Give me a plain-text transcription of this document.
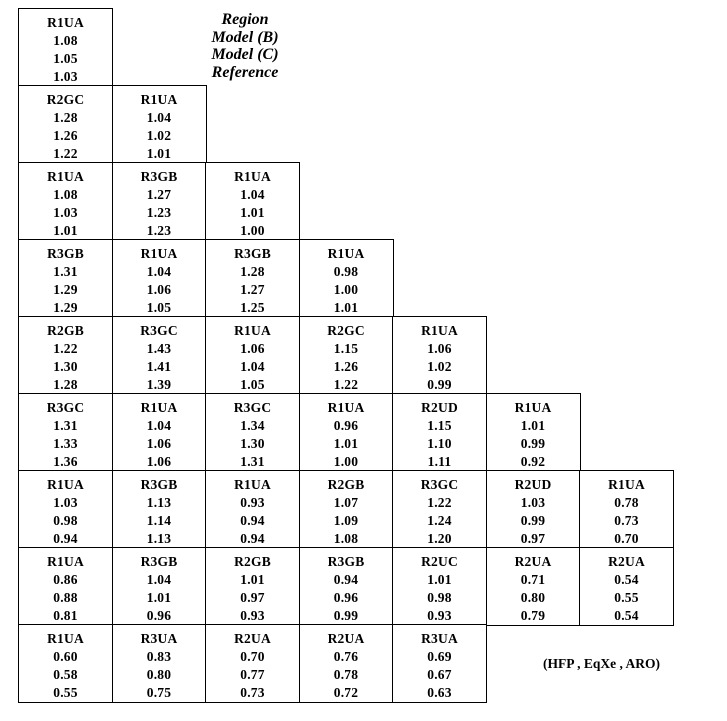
Region
Model (B)
Model (C)
Reference
(HFP , EqXe , ARO)
R1UA
1.08
1.05
1.03
R2GC
1.28
1.26
1.22
R1UA
1.04
1.02
1.01
R1UA
1.08
1.03
1.01
R3GB
1.27
1.23
1.23
R1UA
1.04
1.01
1.00
R3GB
1.31
1.29
1.29
R1UA
1.04
1.06
1.05
R3GB
1.28
1.27
1.25
R1UA
0.98
1.00
1.01
R2GB
1.22
1.30
1.28
R3GC
1.43
1.41
1.39
R1UA
1.06
1.04
1.05
R2GC
1.15
1.26
1.22
R1UA
1.06
1.02
0.99
R3GC
1.31
1.33
1.36
R1UA
1.04
1.06
1.06
R3GC
1.34
1.30
1.31
R1UA
0.96
1.01
1.00
R2UD
1.15
1.10
1.11
R1UA
1.01
0.99
0.92
R1UA
1.03
0.98
0.94
R3GB
1.13
1.14
1.13
R1UA
0.93
0.94
0.94
R2GB
1.07
1.09
1.08
R3GC
1.22
1.24
1.20
R2UD
1.03
0.99
0.97
R1UA
0.78
0.73
0.70
R1UA
0.86
0.88
0.81
R3GB
1.04
1.01
0.96
R2GB
1.01
0.97
0.93
R3GB
0.94
0.96
0.99
R2UC
1.01
0.98
0.93
R2UA
0.71
0.80
0.79
R2UA
0.54
0.55
0.54
R1UA
0.60
0.58
0.55
R3UA
0.83
0.80
0.75
R2UA
0.70
0.77
0.73
R2UA
0.76
0.78
0.72
R3UA
0.69
0.67
0.63
